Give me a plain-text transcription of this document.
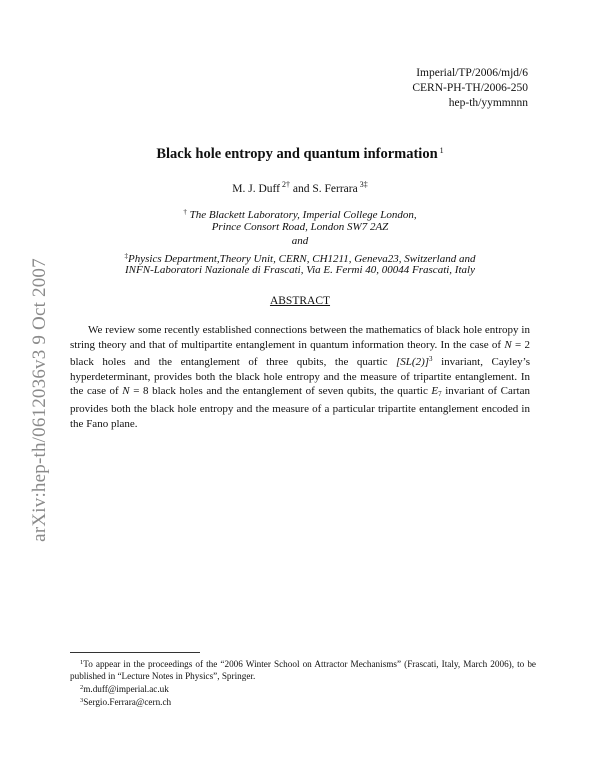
arXiv:hep-th/0612036v3 9 Oct 2007
Imperial/TP/2006/mjd/6
CERN-PH-TH/2006-250
hep-th/yymmnnn
Black hole entropy and quantum information $^1$
M. J. Duff $^{2\dagger}$ and S. Ferrara $^{3\ddagger}$
† The Blackett Laboratory, Imperial College London,
Prince Consort Road, London SW7 2AZ
and
‡Physics Department,Theory Unit, CERN, CH1211, Geneva23, Switzerland and
INFN-Laboratori Nazionale di Frascati, Via E. Fermi 40, 00044 Frascati, Italy
ABSTRACT

We review some recently established connections between the mathematics of black hole entropy in string theory and that of multipartite entanglement in quantum information theory. In the case of N = 2 black holes and the entanglement of three qubits, the quartic $[SL(2)]^3$ invariant, Cayley’s hyperdeterminant, provides both the black hole entropy and the measure of tripartite entanglement. In the case of N = 8 black holes and the entanglement of seven qubits, the quartic E7 invariant of Cartan provides both the black hole entropy and the measure of a particular tripartite entanglement encoded in the Fano plane.

$^1$To appear in the proceedings of the “2006 Winter School on Attractor Mechanisms” (Frascati, Italy, March 2006), to be published in “Lecture Notes in Physics”, Springer.

$^2$m.duff@imperial.ac.uk

$^3$Sergio.Ferrara@cern.ch
